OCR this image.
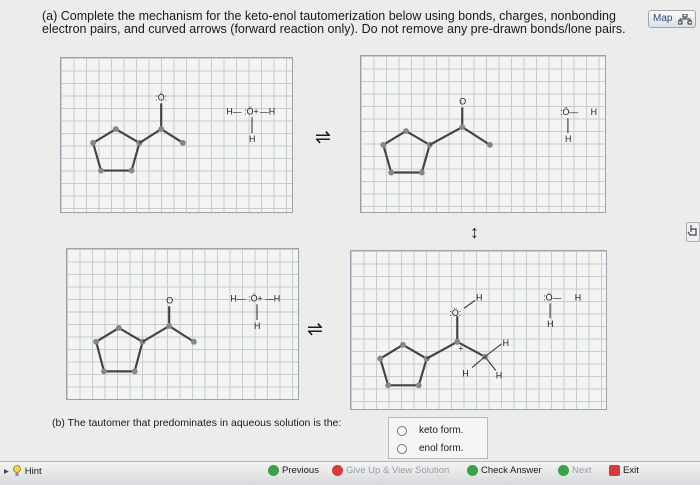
(a) Complete the mechanism for the keto-enol tautomerization below using bonds, charges, nonbonding electron pairs, and curved arrows (forward reaction only). Do not remove any pre-drawn bonds/lone pairs.
Map
:Ö:
H— :Ö+ —H
H	⇌
O
:Ö— H
H
↕
O	H— :Ö+ —H
H ⇌
:Ö:
H
+
H
H
H
:Ö— H
H
(b) The tautomer that predominates in aqueous solution is the:
keto form.
enol form.
▸ Hint	Previous	Give Up & View Solution	Check Answer	Next	Exit
